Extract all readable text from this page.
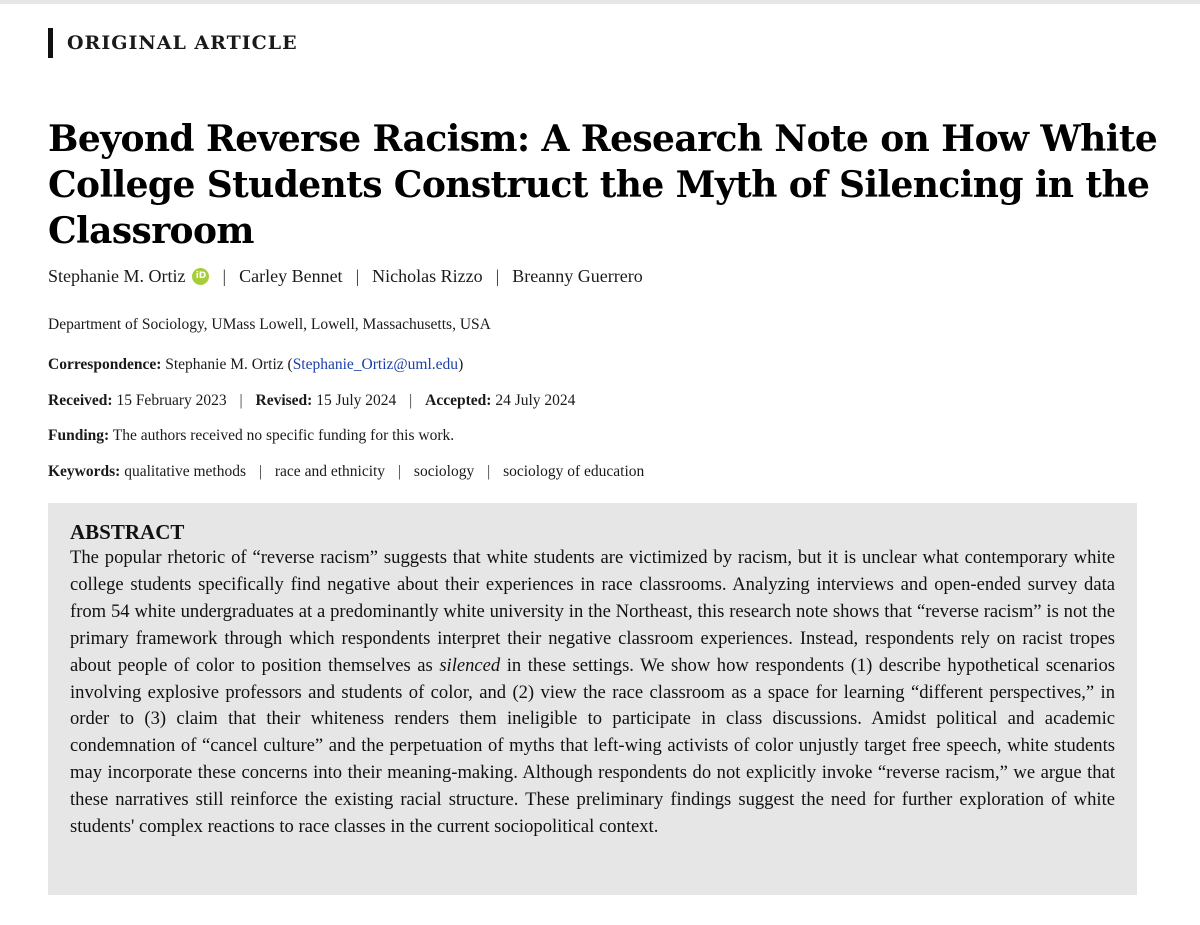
ORIGINAL ARTICLE
Beyond Reverse Racism: A Research Note on How White College Students Construct the Myth of Silencing in the Classroom
Stephanie M. Ortiz	iD | Carley Bennet | Nicholas Rizzo | Breanny Guerrero
Department of Sociology, UMass Lowell, Lowell, Massachusetts, USA
Correspondence: Stephanie M. Ortiz (Stephanie_Ortiz@uml.edu)
Received: 15 February 2023 | Revised: 15 July 2024 | Accepted: 24 July 2024
Funding: The authors received no specific funding for this work.
Keywords: qualitative methods | race and ethnicity | sociology | sociology of education
ABSTRACT

The popular rhetoric of “reverse racism” suggests that white students are victimized by racism, but it is unclear what contemporary white college students specifically find negative about their experiences in race classrooms. Analyzing interviews and open-ended survey data from 54 white undergraduates at a predominantly white university in the Northeast, this research note shows that “reverse racism” is not the primary framework through which respondents interpret their negative classroom experiences. Instead, respondents rely on racist tropes about people of color to position themselves as silenced in these settings. We show how respondents (1) describe hypothetical scenarios involving explosive professors and students of color, and (2) view the race classroom as a space for learning “different perspectives,” in order to (3) claim that their whiteness renders them ineligible to participate in class discussions. Amidst political and academic condemnation of “cancel culture” and the perpetuation of myths that left-wing activists of color unjustly target free speech, white students may incorporate these concerns into their meaning-making. Although respondents do not explicitly invoke “reverse racism,” we argue that these narratives still reinforce the existing racial structure. These preliminary findings suggest the need for further exploration of white students' complex reactions to race classes in the current sociopolitical context.
